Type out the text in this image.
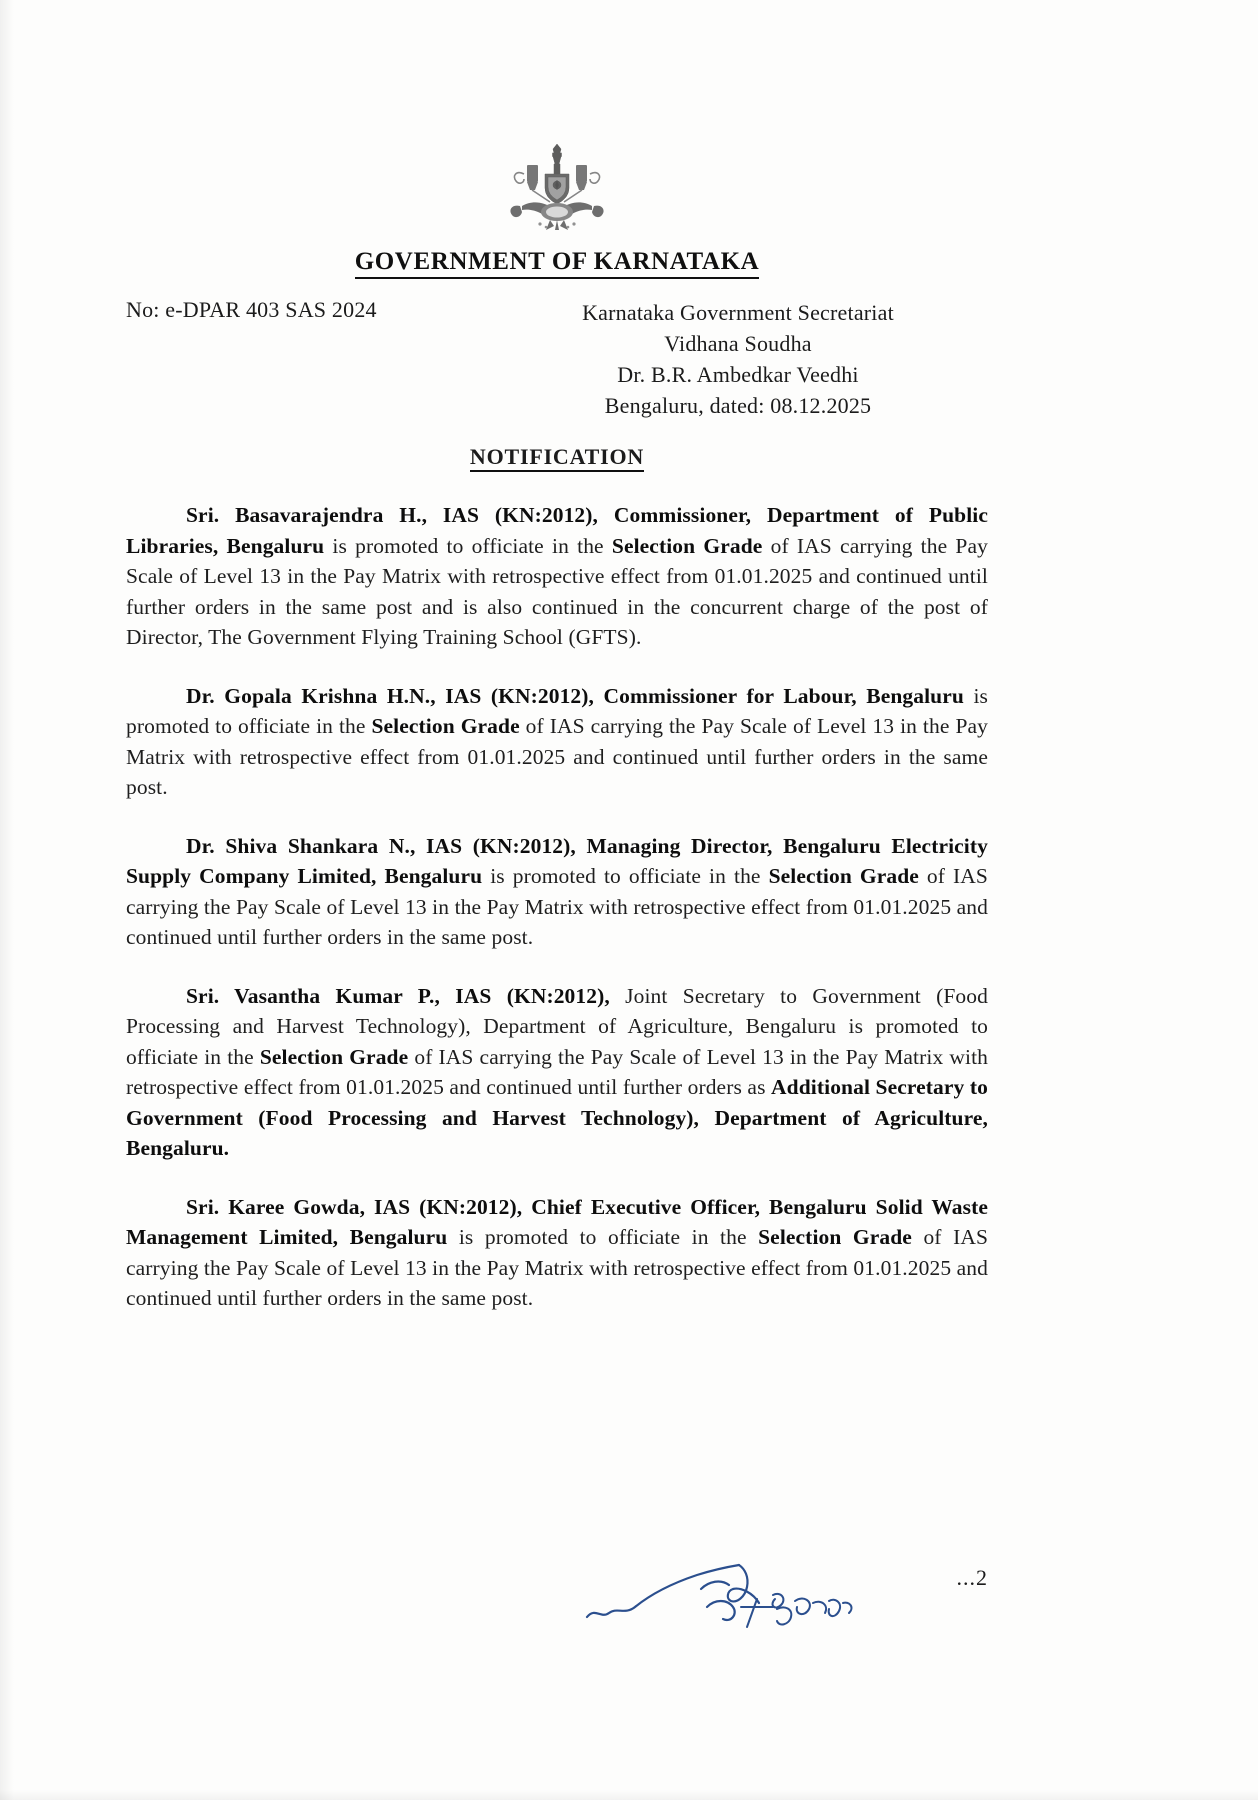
GOVERNMENT OF KARNATAKA
No: e-DPAR 403 SAS 2024	Karnataka Government Secretariat
Vidhana Soudha
Dr. B.R. Ambedkar Veedhi
Bengaluru, dated: 08.12.2025
NOTIFICATION

Sri. Basavarajendra H., IAS (KN:2012), Commissioner, Department of Public Libraries, Bengaluru is promoted to officiate in the Selection Grade of IAS carrying the Pay Scale of Level 13 in the Pay Matrix with retrospective effect from 01.01.2025 and continued until further orders in the same post and is also continued in the concurrent charge of the post of Director, The Government Flying Training School (GFTS).

Dr. Gopala Krishna H.N., IAS (KN:2012), Commissioner for Labour, Bengaluru is promoted to officiate in the Selection Grade of IAS carrying the Pay Scale of Level 13 in the Pay Matrix with retrospective effect from 01.01.2025 and continued until further orders in the same post.

Dr. Shiva Shankara N., IAS (KN:2012), Managing Director, Bengaluru Electricity Supply Company Limited, Bengaluru is promoted to officiate in the Selection Grade of IAS carrying the Pay Scale of Level 13 in the Pay Matrix with retrospective effect from 01.01.2025 and continued until further orders in the same post.

Sri. Vasantha Kumar P., IAS (KN:2012), Joint Secretary to Government (Food Processing and Harvest Technology), Department of Agriculture, Bengaluru is promoted to officiate in the Selection Grade of IAS carrying the Pay Scale of Level 13 in the Pay Matrix with retrospective effect from 01.01.2025 and continued until further orders as Additional Secretary to Government (Food Processing and Harvest Technology), Department of Agriculture, Bengaluru.

Sri. Karee Gowda, IAS (KN:2012), Chief Executive Officer, Bengaluru Solid Waste Management Limited, Bengaluru is promoted to officiate in the Selection Grade of IAS carrying the Pay Scale of Level 13 in the Pay Matrix with retrospective effect from 01.01.2025 and continued until further orders in the same post.

...2
